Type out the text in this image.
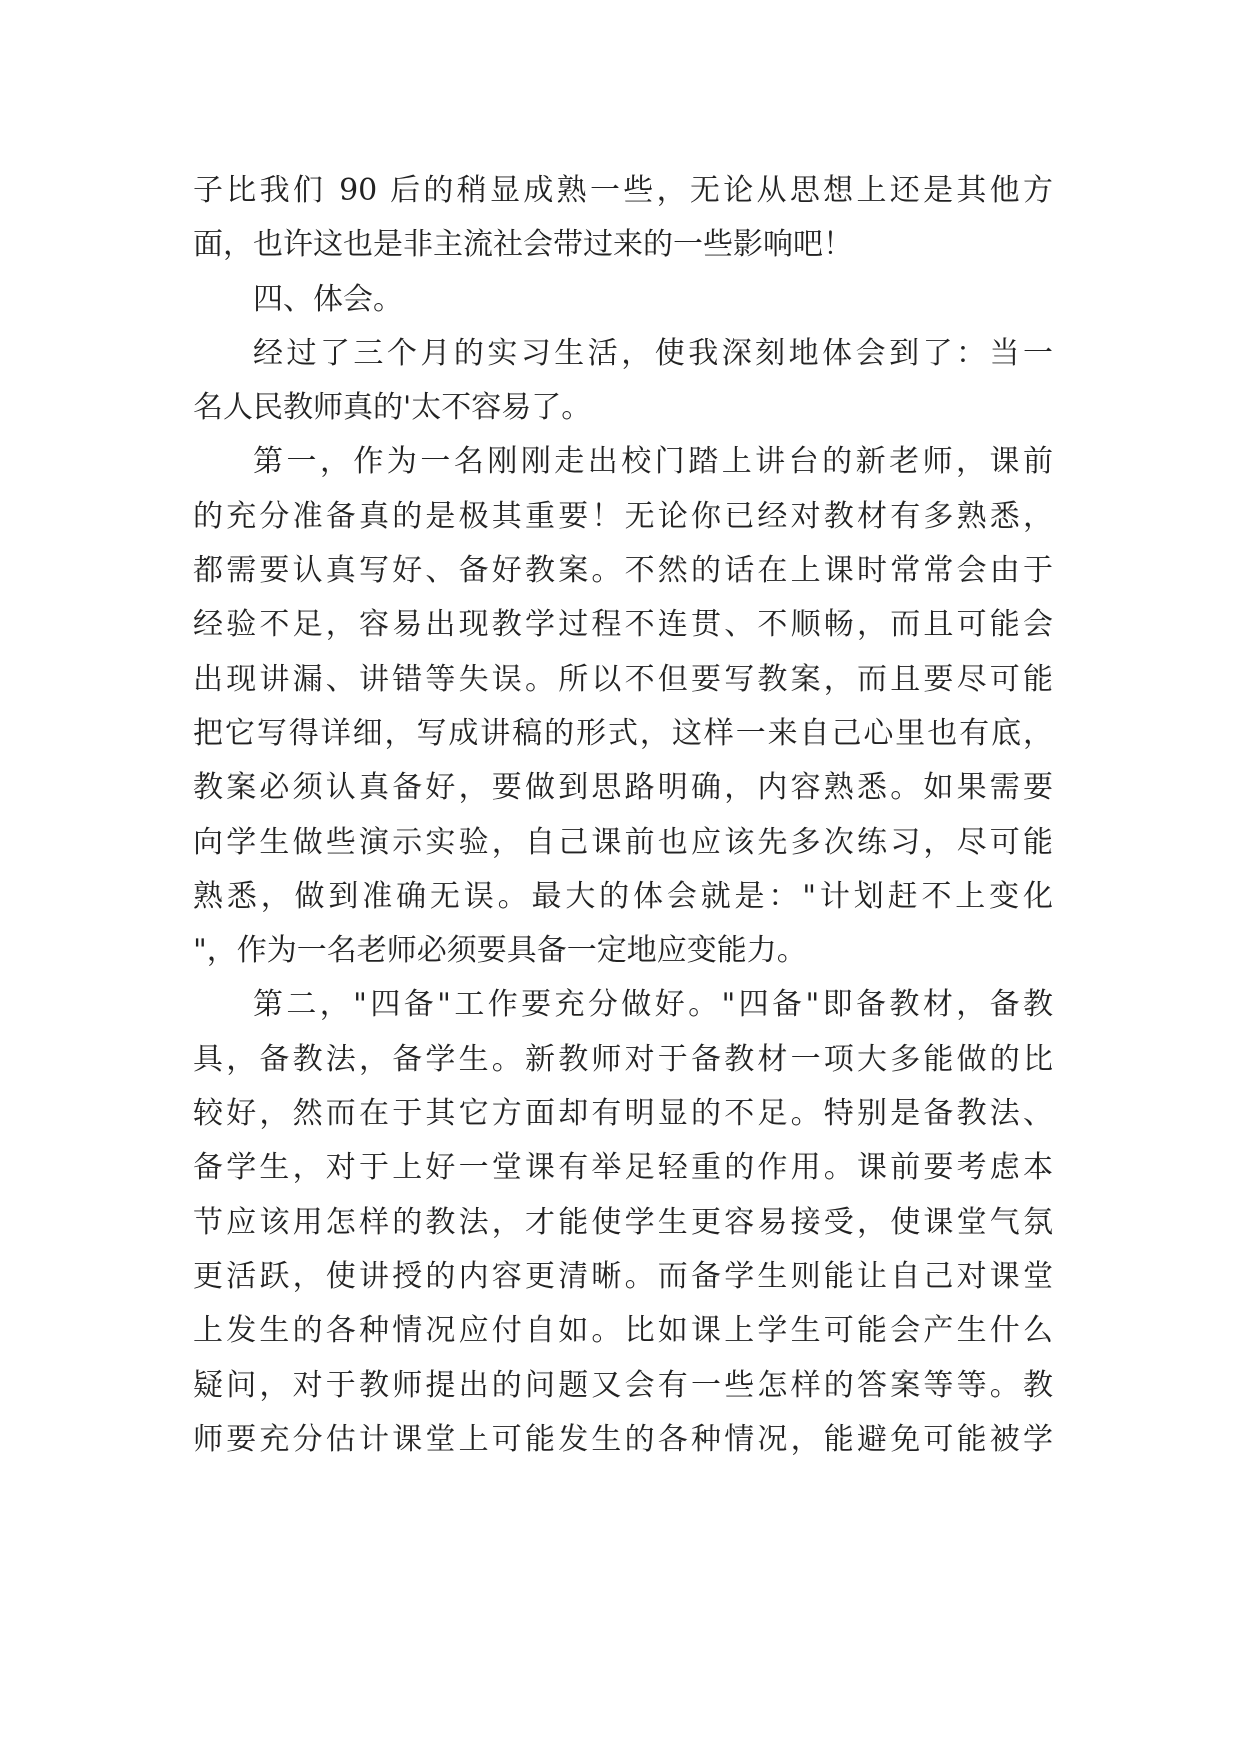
子比我们 90 后的稍显成熟一些，无论从思想上还是其他方
面，也许这也是非主流社会带过来的一些影响吧！
四、体会。
经过了三个月的实习生活，使我深刻地体会到了：当一
名人民教师真的'太不容易了。
第一，作为一名刚刚走出校门踏上讲台的新老师，课前
的充分准备真的是极其重要！无论你已经对教材有多熟悉，
都需要认真写好、备好教案。不然的话在上课时常常会由于
经验不足，容易出现教学过程不连贯、不顺畅，而且可能会
出现讲漏、讲错等失误。所以不但要写教案，而且要尽可能
把它写得详细，写成讲稿的形式，这样一来自己心里也有底，
教案必须认真备好，要做到思路明确，内容熟悉。如果需要
向学生做些演示实验，自己课前也应该先多次练习，尽可能
熟悉，做到准确无误。最大的体会就是："计划赶不上变化
"，作为一名老师必须要具备一定地应变能力。
第二，"四备"工作要充分做好。"四备"即备教材，备教
具，备教法，备学生。新教师对于备教材一项大多能做的比
较好，然而在于其它方面却有明显的不足。特别是备教法、
备学生，对于上好一堂课有举足轻重的作用。课前要考虑本
节应该用怎样的教法，才能使学生更容易接受，使课堂气氛
更活跃，使讲授的内容更清晰。而备学生则能让自己对课堂
上发生的各种情况应付自如。比如课上学生可能会产生什么
疑问，对于教师提出的问题又会有一些怎样的答案等等。教
师要充分估计课堂上可能发生的各种情况，能避免可能被学
